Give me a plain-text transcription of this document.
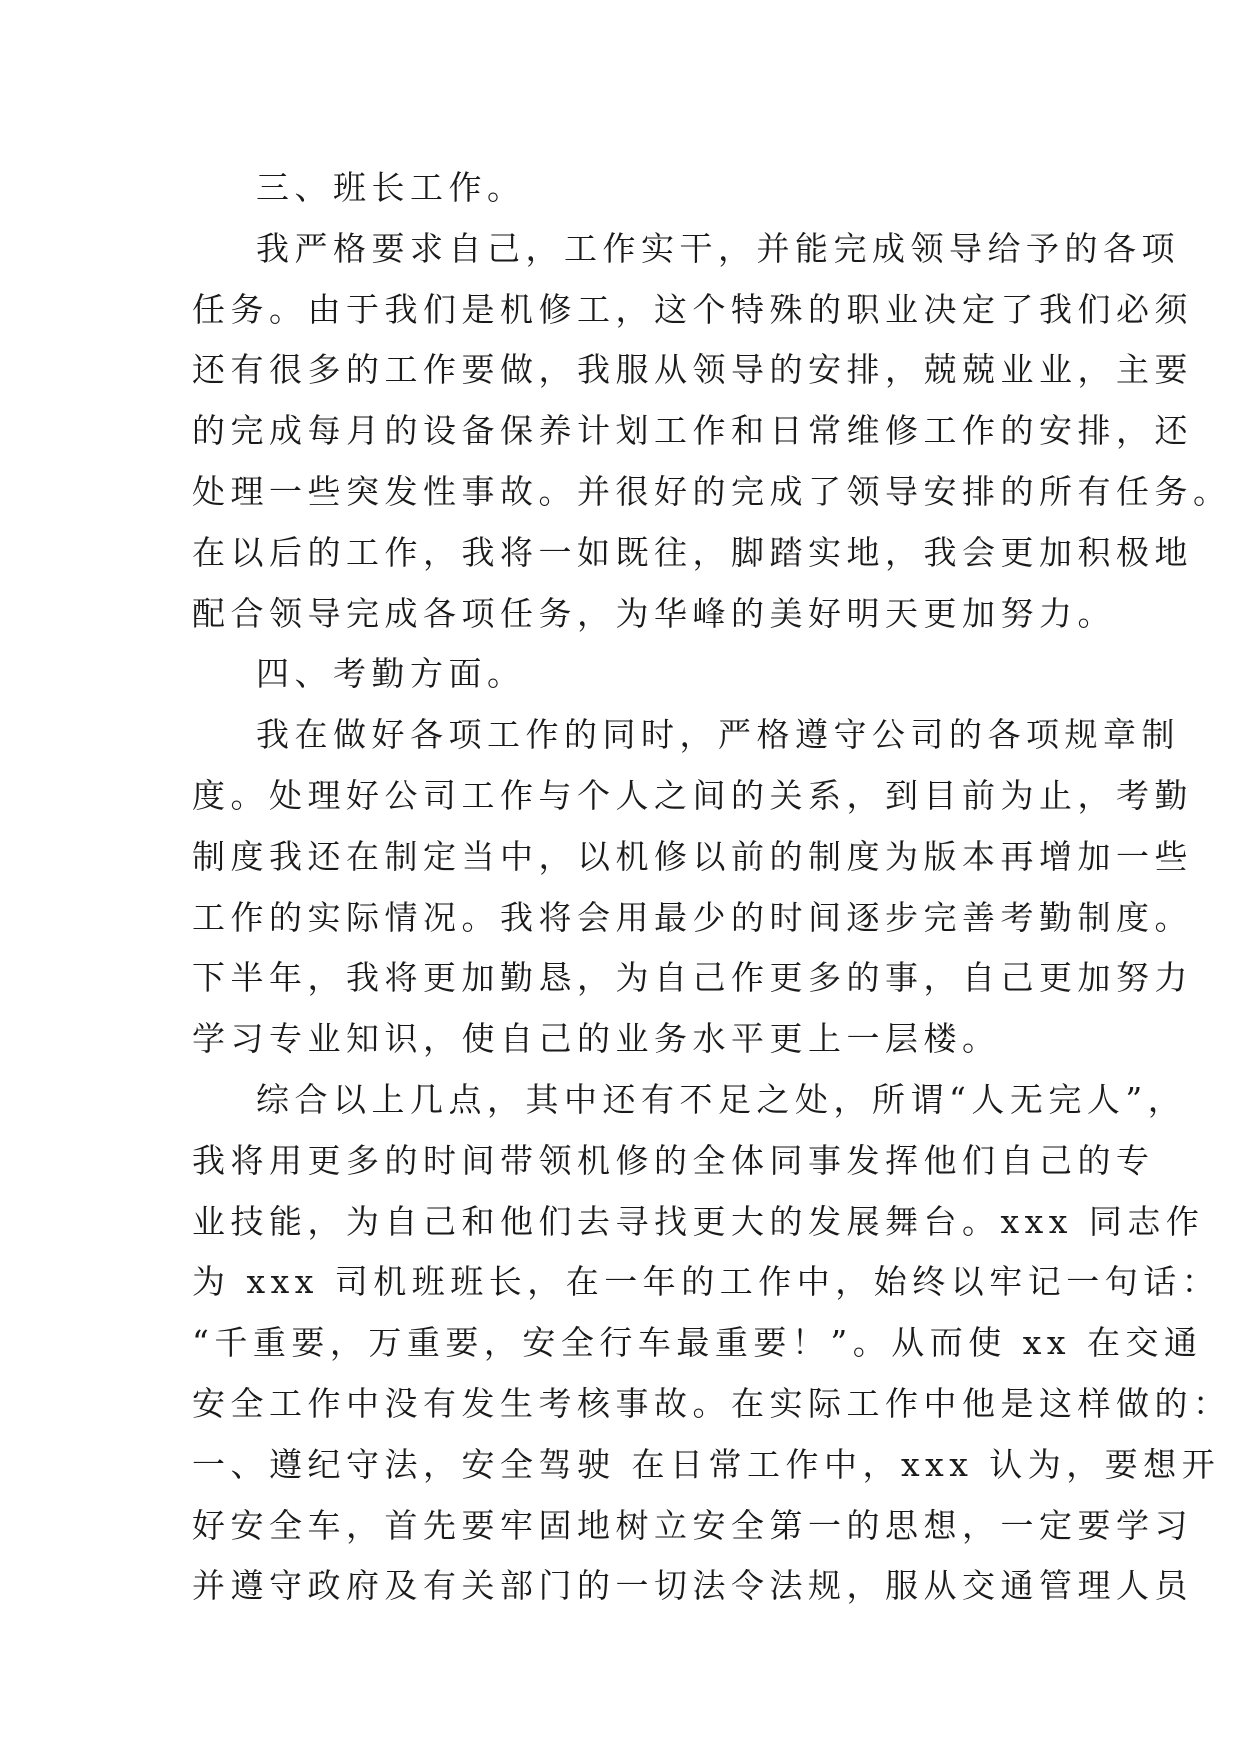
三、班长工作。
我严格要求自己，工作实干，并能完成领导给予的各项
任务。由于我们是机修工，这个特殊的职业决定了我们必须
还有很多的工作要做，我服从领导的安排，兢兢业业，主要
的完成每月的设备保养计划工作和日常维修工作的安排，还
处理一些突发性事故。并很好的完成了领导安排的所有任务。
在以后的工作，我将一如既往，脚踏实地，我会更加积极地
配合领导完成各项任务，为华峰的美好明天更加努力。
四、考勤方面。
我在做好各项工作的同时，严格遵守公司的各项规章制
度。处理好公司工作与个人之间的关系，到目前为止，考勤
制度我还在制定当中，以机修以前的制度为版本再增加一些
工作的实际情况。我将会用最少的时间逐步完善考勤制度。
下半年，我将更加勤恳，为自己作更多的事，自己更加努力
学习专业知识，使自己的业务水平更上一层楼。
综合以上几点，其中还有不足之处，所谓“人无完人”，
我将用更多的时间带领机修的全体同事发挥他们自己的专
业技能，为自己和他们去寻找更大的发展舞台。xxx 同志作
为 xxx 司机班班长，在一年的工作中，始终以牢记一句话：
“千重要，万重要，安全行车最重要！”。从而使 xx 在交通
安全工作中没有发生考核事故。在实际工作中他是这样做的：
一、遵纪守法，安全驾驶 在日常工作中，xxx 认为，要想开
好安全车，首先要牢固地树立安全第一的思想，一定要学习
并遵守政府及有关部门的一切法令法规，服从交通管理人员
